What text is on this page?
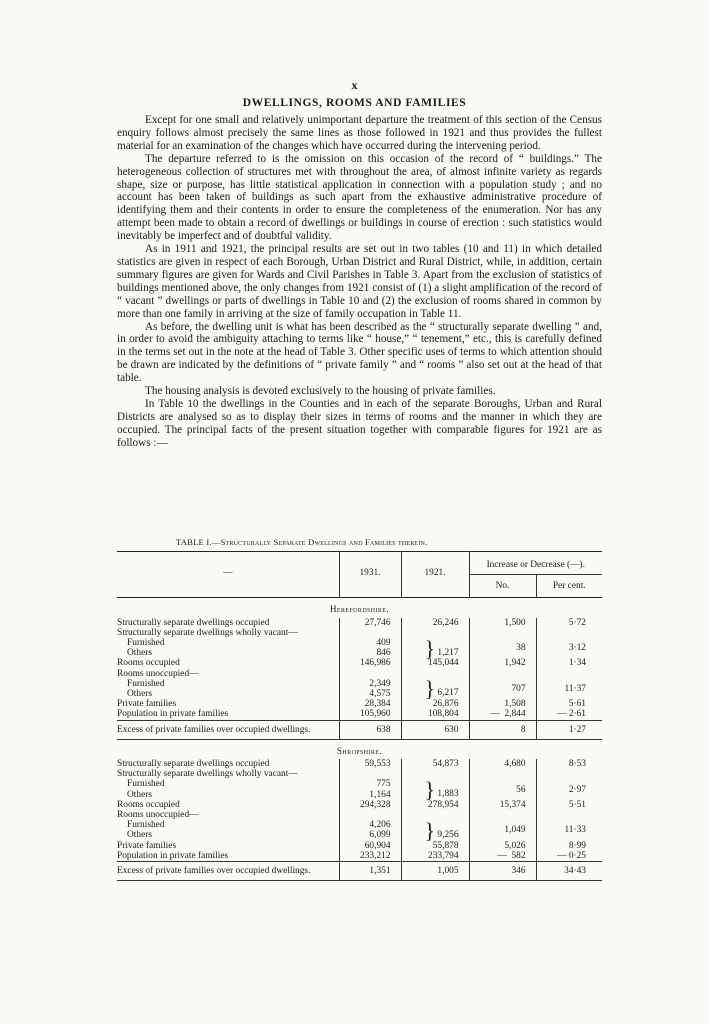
x
DWELLINGS, ROOMS AND FAMILIES

Except for one small and relatively unimportant departure the treatment of this section of the Census enquiry follows almost precisely the same lines as those followed in 1921 and thus provides the fullest material for an examination of the changes which have occurred during the intervening period.

The departure referred to is the omission on this occasion of the record of “ buildings.” The heterogeneous collection of structures met with throughout the area, of almost infinite variety as regards shape, size or purpose, has little statistical application in connection with a population study ; and no account has been taken of buildings as such apart from the exhaustive administrative procedure of identifying them and their contents in order to ensure the completeness of the enumeration. Nor has any attempt been made to obtain a record of dwellings or buildings in course of erection : such statistics would inevitably be imperfect and of doubtful validity.

As in 1911 and 1921, the principal results are set out in two tables (10 and 11) in which detailed statistics are given in respect of each Borough, Urban District and Rural District, while, in addition, certain summary figures are given for Wards and Civil Parishes in Table 3. Apart from the exclusion of statistics of buildings mentioned above, the only changes from 1921 consist of (1) a slight amplification of the record of “ vacant ” dwellings or parts of dwellings in Table 10 and (2) the exclusion of rooms shared in common by more than one family in arriving at the size of family occupation in Table 11.

As before, the dwelling unit is what has been described as the “ structurally separate dwelling ” and, in order to avoid the ambiguity attaching to terms like “ house,” “ tenement,” etc., this is carefully defined in the terms set out in the note at the head of Table 3. Other specific uses of terms to which attention should be drawn are indicated by the definitions of “ private family ” and “ rooms ” also set out at the head of that table.

The housing analysis is devoted exclusively to the housing of private families.

In Table 10 the dwellings in the Counties and in each of the separate Boroughs, Urban and Rural Districts are analysed so as to display their sizes in terms of rooms and the manner in which they are occupied. The principal facts of the present situation together with comparable figures for 1921 are as follows :—

TABLE I.—Structurally Separate Dwellings and Families therein.
—	1931.	1921.	Increase or Decrease (—).	
			No.	Per cent.
Herefordshire.				
Structurally separate dwellings occupied	27,746	26,246	1,500	5·72
Structurally separate dwellings wholly vacant—				
Furnished	409	} 1,217	38	3·12
Others	846			
Rooms occupied	146,986	145,044	1,942	1·34
Rooms unoccupied—				
Furnished	2,349	} 6,217	707	11·37
Others	4,575			
Private families	28,384	26,876	1,508	5·61
Population in private families	105,960	108,804	— 2,844	— 2·61
Excess of private families over occupied dwellings.	638	630	8	1·27
Shropshire.				
Structurally separate dwellings occupied	59,553	54,873	4,680	8·53
Structurally separate dwellings wholly vacant—				
Furnished	775	} 1,883	56	2·97
Others	1,164			
Rooms occupied	294,328	278,954	15,374	5·51
Rooms unoccupied—				
Furnished	4,206	} 9,256	1,049	11·33
Others	6,099			
Private families	60,904	55,878	5,026	8·99
Population in private families	233,212	233,794	— 582	— 0·25
Excess of private families over occupied dwellings.	1,351	1,005	346	34·43
